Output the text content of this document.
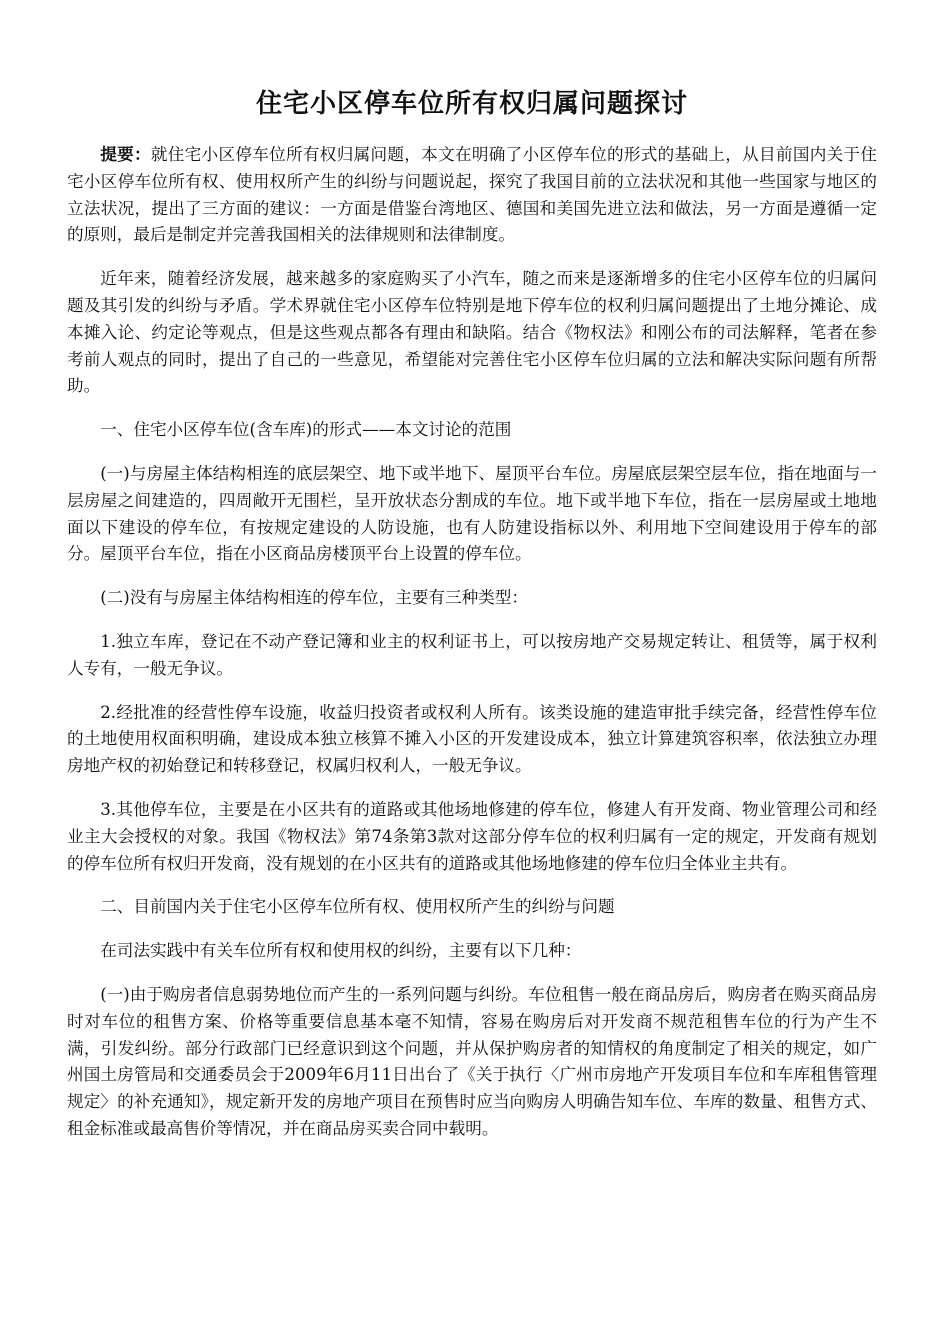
住宅小区停车位所有权归属问题探讨

提要：就住宅小区停车位所有权归属问题，本文在明确了小区停车位的形式的基础上，从目前国内关于住宅小区停车位所有权、使用权所产生的纠纷与问题说起，探究了我国目前的立法状况和其他一些国家与地区的立法状况，提出了三方面的建议：一方面是借鉴台湾地区、德国和美国先进立法和做法，另一方面是遵循一定的原则，最后是制定并完善我国相关的法律规则和法律制度。

近年来，随着经济发展，越来越多的家庭购买了小汽车，随之而来是逐渐增多的住宅小区停车位的归属问题及其引发的纠纷与矛盾。学术界就住宅小区停车位特别是地下停车位的权利归属问题提出了土地分摊论、成本摊入论、约定论等观点，但是这些观点都各有理由和缺陷。结合《物权法》和刚公布的司法解释，笔者在参考前人观点的同时，提出了自己的一些意见，希望能对完善住宅小区停车位归属的立法和解决实际问题有所帮助。

一、住宅小区停车位(含车库)的形式——本文讨论的范围

(一)与房屋主体结构相连的底层架空、地下或半地下、屋顶平台车位。房屋底层架空层车位，指在地面与一层房屋之间建造的，四周敞开无围栏，呈开放状态分割成的车位。地下或半地下车位，指在一层房屋或土地地面以下建设的停车位，有按规定建设的人防设施，也有人防建设指标以外、利用地下空间建设用于停车的部分。屋顶平台车位，指在小区商品房楼顶平台上设置的停车位。

(二)没有与房屋主体结构相连的停车位，主要有三种类型：

1.独立车库，登记在不动产登记簿和业主的权利证书上，可以按房地产交易规定转让、租赁等，属于权利人专有，一般无争议。

2.经批准的经营性停车设施，收益归投资者或权利人所有。该类设施的建造审批手续完备，经营性停车位的土地使用权面积明确，建设成本独立核算不摊入小区的开发建设成本，独立计算建筑容积率，依法独立办理房地产权的初始登记和转移登记，权属归权利人，一般无争议。

3.其他停车位，主要是在小区共有的道路或其他场地修建的停车位，修建人有开发商、物业管理公司和经业主大会授权的对象。我国《物权法》第74条第3款对这部分停车位的权利归属有一定的规定，开发商有规划的停车位所有权归开发商，没有规划的在小区共有的道路或其他场地修建的停车位归全体业主共有。

二、目前国内关于住宅小区停车位所有权、使用权所产生的纠纷与问题

在司法实践中有关车位所有权和使用权的纠纷，主要有以下几种：

(一)由于购房者信息弱势地位而产生的一系列问题与纠纷。车位租售一般在商品房后，购房者在购买商品房时对车位的租售方案、价格等重要信息基本毫不知情，容易在购房后对开发商不规范租售车位的行为产生不满，引发纠纷。部分行政部门已经意识到这个问题，并从保护购房者的知情权的角度制定了相关的规定，如广州国土房管局和交通委员会于2009年6月11日出台了《关于执行〈广州市房地产开发项目车位和车库租售管理规定〉的补充通知》，规定新开发的房地产项目在预售时应当向购房人明确告知车位、车库的数量、租售方式、租金标准或最高售价等情况，并在商品房买卖合同中载明。
